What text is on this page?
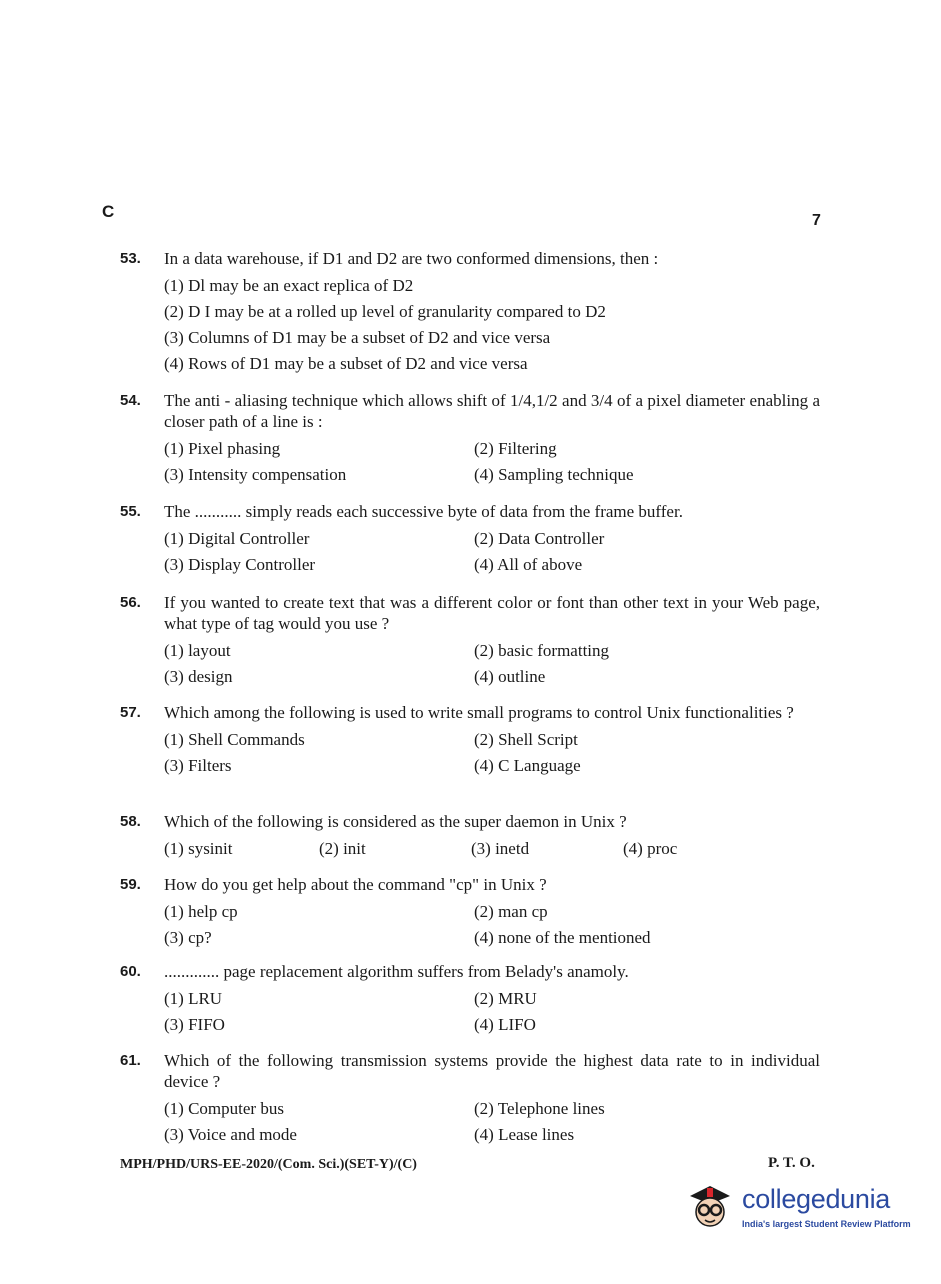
C	7
53. In a data warehouse, if D1 and D2 are two conformed dimensions, then :
(1) Dl may be an exact replica of D2
(2) D I may be at a rolled up level of granularity compared to D2
(3) Columns of D1 may be a subset of D2 and vice versa
(4) Rows of D1 may be a subset of D2 and vice versa
54. The anti - aliasing technique which allows shift of 1/4,1/2 and 3/4 of a pixel diameter enabling a closer path of a line is :
(1) Pixel phasing	(2) Filtering
(3) Intensity compensation	(4) Sampling technique
55. The ........... simply reads each successive byte of data from the frame buffer.
(1) Digital Controller	(2) Data Controller
(3) Display Controller	(4) All of above
56. If you wanted to create text that was a different color or font than other text in your Web page, what type of tag would you use ?
(1) layout	(2) basic formatting
(3) design	(4) outline
57. Which among the following is used to write small programs to control Unix functionalities ?
(1) Shell Commands	(2) Shell Script
(3) Filters	(4) C Language
58. Which of the following is considered as the super daemon in Unix ?
(1) sysinit	(2) init	(3) inetd	(4) proc
59. How do you get help about the command "cp" in Unix ?
(1) help cp	(2) man cp
(3) cp?	(4) none of the mentioned
60. ............. page replacement algorithm suffers from Belady's anamoly.
(1) LRU	(2) MRU
(3) FIFO	(4) LIFO
61. Which of the following transmission systems provide the highest data rate to in individual device ?
(1) Computer bus	(2) Telephone lines
(3) Voice and mode	(4) Lease lines
MPH/PHD/URS-EE-2020/(Com. Sci.)(SET-Y)/(C)	P. T. O.
collegedunia
India's largest Student Review Platform
